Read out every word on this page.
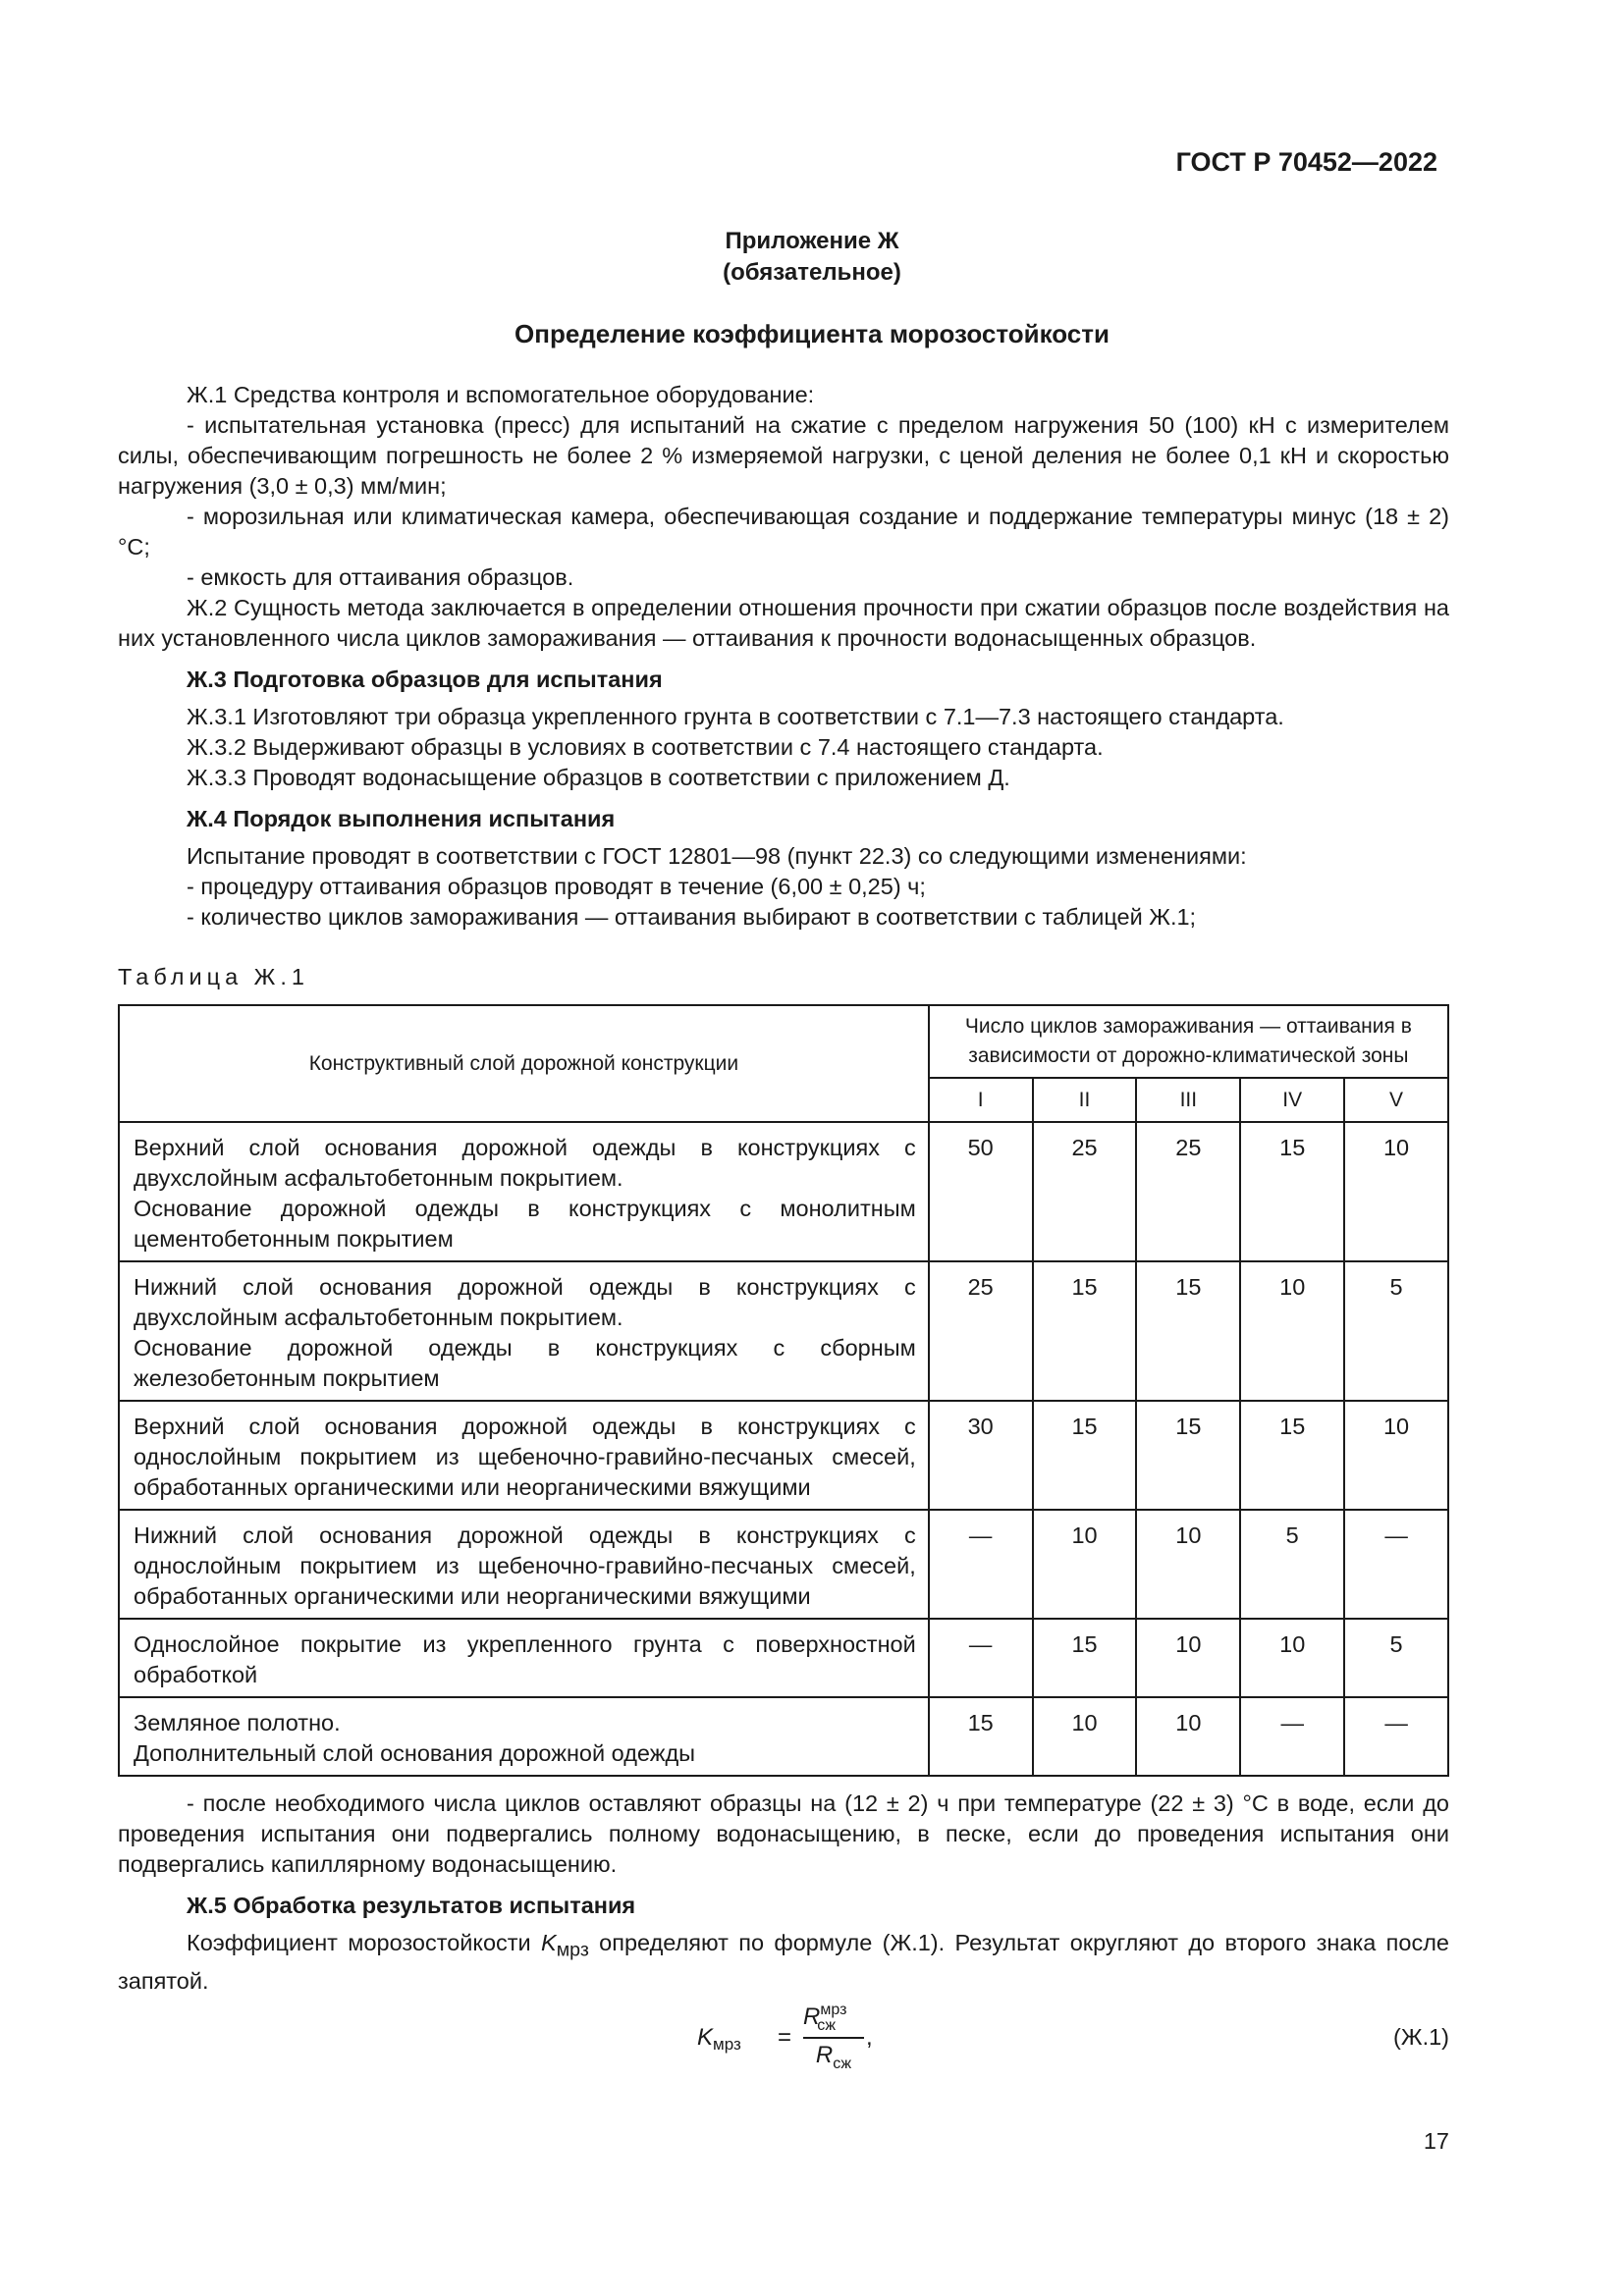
ГОСТ Р 70452—2022
Приложение Ж
(обязательное)
Определение коэффициента морозостойкости

Ж.1 Средства контроля и вспомогательное оборудование:

- испытательная установка (пресс) для испытаний на сжатие с пределом нагружения 50 (100) кН с измерителем силы, обеспечивающим погрешность не более 2 % измеряемой нагрузки, с ценой деления не более 0,1 кН и скоростью нагружения (3,0 ± 0,3) мм/мин;

- морозильная или климатическая камера, обеспечивающая создание и поддержание температуры минус (18 ± 2) °С;

- емкость для оттаивания образцов.

Ж.2 Сущность метода заключается в определении отношения прочности при сжатии образцов после воздействия на них установленного числа циклов замораживания — оттаивания к прочности водонасыщенных образцов.

Ж.3 Подготовка образцов для испытания

Ж.3.1 Изготовляют три образца укрепленного грунта в соответствии с 7.1—7.3 настоящего стандарта.

Ж.3.2 Выдерживают образцы в условиях в соответствии с 7.4 настоящего стандарта.

Ж.3.3 Проводят водонасыщение образцов в соответствии с приложением Д.

Ж.4 Порядок выполнения испытания

Испытание проводят в соответствии с ГОСТ 12801—98 (пункт 22.3) со следующими изменениями:

- процедуру оттаивания образцов проводят в течение (6,00 ± 0,25) ч;

- количество циклов замораживания — оттаивания выбирают в соответствии с таблицей Ж.1;

Таблица Ж.1
Конструктивный слой дорожной конструкции	Число циклов замораживания — оттаивания в зависимости от дорожно-климатической зоны				
	I	II	III	IV	V

Верхний слой основания дорожной одежды в конструкциях с двухслойным асфальтобетонным покрытием.
Основание дорожной одежды в конструкциях с монолитным цементобетонным покрытием	50	25	25	15	10

Нижний слой основания дорожной одежды в конструкциях с двухслойным асфальтобетонным покрытием.
Основание дорожной одежды в конструкциях с сборным железобетонным покрытием	25	15	15	10	5

Верхний слой основания дорожной одежды в конструкциях с однослойным покрытием из щебеночно-гравийно-песчаных смесей, обработанных органическими или неорганическими вяжущими	30	15	15	15	10

Нижний слой основания дорожной одежды в конструкциях с однослойным покрытием из щебеночно-гравийно-песчаных смесей, обработанных органическими или неорганическими вяжущими	—	10	10	5	—

Однослойное покрытие из укрепленного грунта с поверхностной обработкой	—	15	10	10	5

Земляное полотно.
Дополнительный слой основания дорожной одежды	15	10	10	—	—

- после необходимого числа циклов оставляют образцы на (12 ± 2) ч при температуре (22 ± 3) °С в воде, если до проведения испытания они подвергались полному водонасыщению, в песке, если до проведения испытания они подвергались капиллярному водонасыщению.

Ж.5 Обработка результатов испытания

Коэффициент морозостойкости $K_{мрз}$ определяют по формуле (Ж.1). Результат округляют до второго знака после запятой.

$K_{мрз}$ =
$R^{мрз}_{сж}$
$R_{сж}$
,	(Ж.1)
17
